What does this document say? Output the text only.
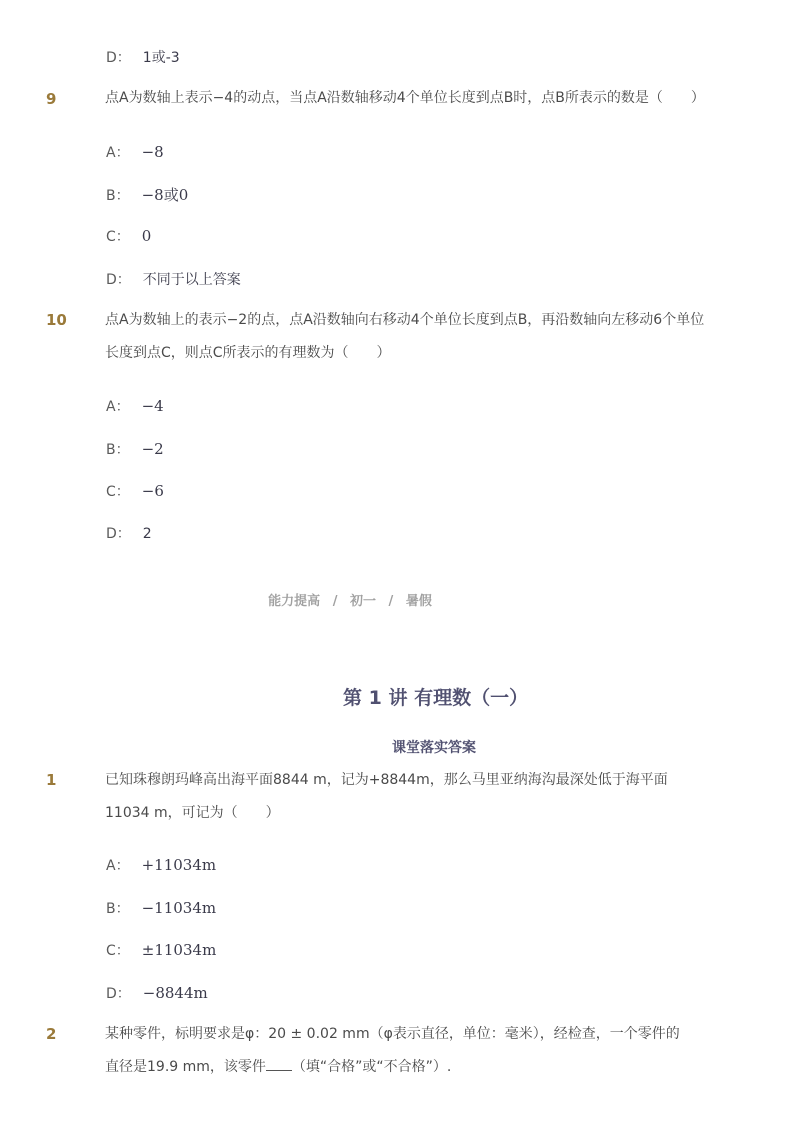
D： 1或-3
9	点A为数轴上表示−4的动点，当点A沿数轴移动4个单位长度到点B时，点B所表示的数是（　　）
A： −8
B： −8或0
C： 0
D： 不同于以上答案
10	点A为数轴上的表示−2的点，点A沿数轴向右移动4个单位长度到点B，再沿数轴向左移动6个单位
长度到点C，则点C所表示的有理数为（　　）
A： −4
B： −2
C： −6
D： 2
能力提高 / 初一 / 暑假
第 1 讲 有理数（一）
课堂落实答案
1	已知珠穆朗玛峰高出海平面8844 m，记为+8844m，那么马里亚纳海沟最深处低于海平面
11034 m，可记为（　　）
A： +11034m
B： −11034m
C： ±11034m
D： −8844m
2	某种零件，标明要求是φ：20 ± 0.02 mm（φ表示直径，单位：毫米），经检查，一个零件的
直径是19.9 mm，该零件 （填“合格”或“不合格”）.
